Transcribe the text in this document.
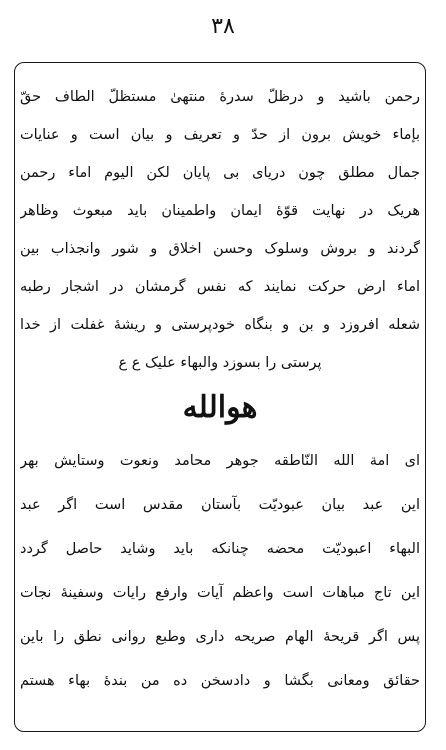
۳۸
رحمن باشید و درظلّ سدرۀ منتهیٰ مستظلّ الطاف حقّ
بإماء خویش برون از حدّ و تعریف و بیان است و عنایات
جمال مطلق چون دریای بی پایان لکن الیوم اماء رحمن
هریک در نهایت قوّۀ ایمان واطمینان باید مبعوث وظاهر
گردند و بروش وسلوک وحسن اخلاق و شور وانجذاب بین
اماء ارض حرکت نمایند که نفس گرمشان در اشجار رطبه
شعله افروزد و بن و بنگاه خودپرستی و ریشۀ غفلت از خدا
پرستی را بسوزد والبهاء علیک ع ع
هوالله
ای امة الله النّاطقه جوهر محامد ونعوت وستایش بهر
این عبد بیان عبودیّت بآستان مقدس است اگر عبد
البهاء اعبودیّت محضه چنانکه باید وشاید حاصل گردد
این تاج مباهات است واعظم آیات وارفع رایات وسفینۀ نجات
پس اگر قریحۀ الهام صریحه داری وطبع روانی نطق را باین
حقائق ومعانی بگشا و دادسخن ده من بندۀ بهاء هستم
